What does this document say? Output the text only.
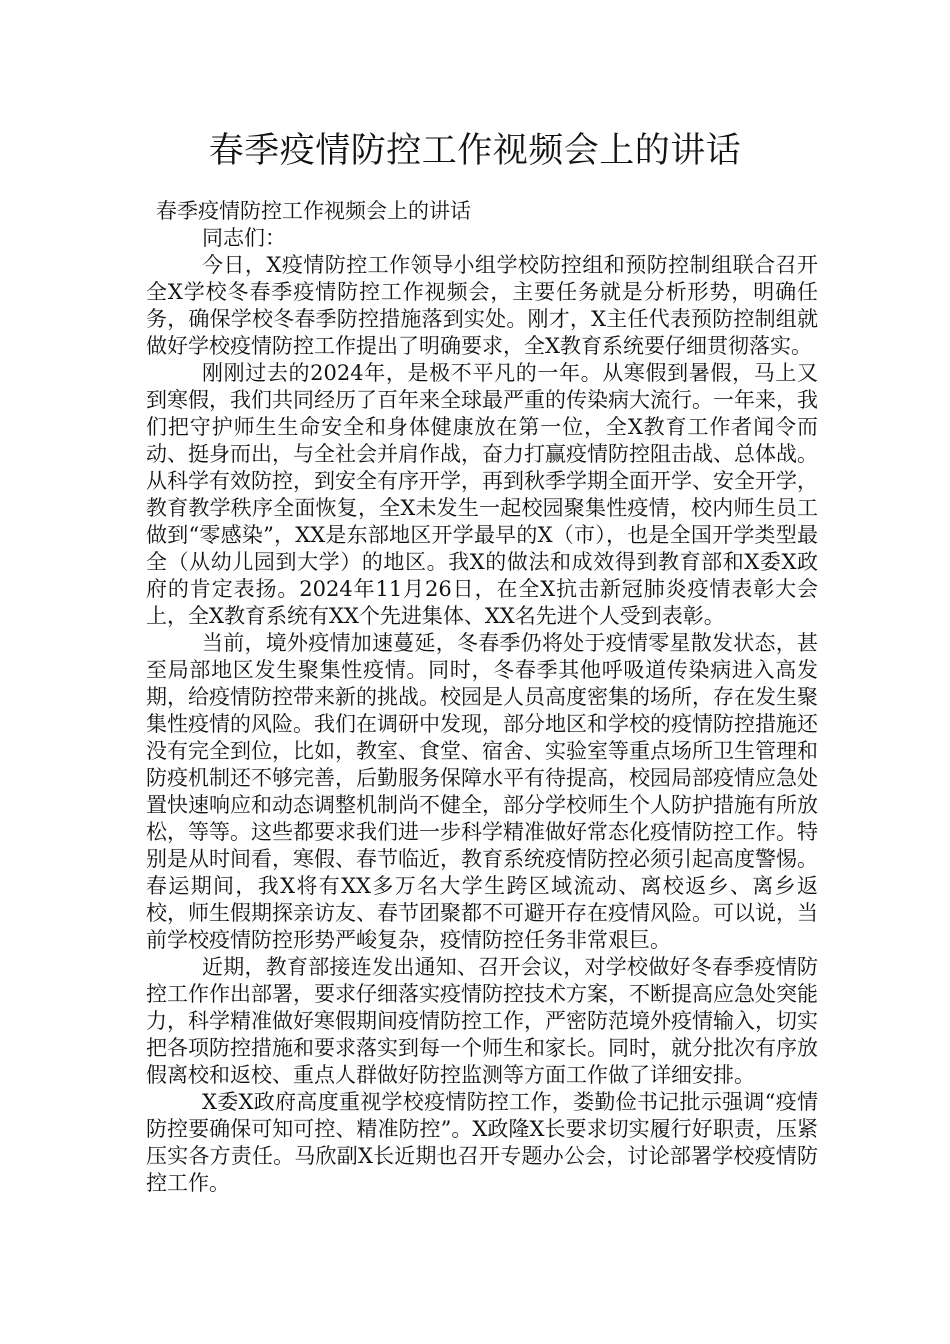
春季疫情防控工作视频会上的讲话

春季疫情防控工作视频会上的讲话

同志们：

今日，X疫情防控工作领导小组学校防控组和预防控制组联合召开全X学校冬春季疫情防控工作视频会，主要任务就是分析形势，明确任务，确保学校冬春季防控措施落到实处。刚才，X主任代表预防控制组就做好学校疫情防控工作提出了明确要求，全X教育系统要仔细贯彻落实。

刚刚过去的2024年，是极不平凡的一年。从寒假到暑假，马上又到寒假，我们共同经历了百年来全球最严重的传染病大流行。一年来，我们把守护师生生命安全和身体健康放在第一位，全X教育工作者闻令而动、挺身而出，与全社会并肩作战，奋力打赢疫情防控阻击战、总体战。从科学有效防控，到安全有序开学，再到秋季学期全面开学、安全开学，教育教学秩序全面恢复，全X未发生一起校园聚集性疫情，校内师生员工做到“零感染”，XX是东部地区开学最早的X（市），也是全国开学类型最全（从幼儿园到大学）的地区。我X的做法和成效得到教育部和X委X政府的肯定表扬。2024年11月26日，在全X抗击新冠肺炎疫情表彰大会上，全X教育系统有XX个先进集体、XX名先进个人受到表彰。

当前，境外疫情加速蔓延，冬春季仍将处于疫情零星散发状态，甚至局部地区发生聚集性疫情。同时，冬春季其他呼吸道传染病进入高发期，给疫情防控带来新的挑战。校园是人员高度密集的场所，存在发生聚集性疫情的风险。我们在调研中发现，部分地区和学校的疫情防控措施还没有完全到位，比如，教室、食堂、宿舍、实验室等重点场所卫生管理和防疫机制还不够完善，后勤服务保障水平有待提高，校园局部疫情应急处置快速响应和动态调整机制尚不健全，部分学校师生个人防护措施有所放松，等等。这些都要求我们进一步科学精准做好常态化疫情防控工作。特别是从时间看，寒假、春节临近，教育系统疫情防控必须引起高度警惕。春运期间，我X将有XX多万名大学生跨区域流动、离校返乡、离乡返校，师生假期探亲访友、春节团聚都不可避开存在疫情风险。可以说，当前学校疫情防控形势严峻复杂，疫情防控任务非常艰巨。

近期，教育部接连发出通知、召开会议，对学校做好冬春季疫情防控工作作出部署，要求仔细落实疫情防控技术方案，不断提高应急处突能力，科学精准做好寒假期间疫情防控工作，严密防范境外疫情输入，切实把各项防控措施和要求落实到每一个师生和家长。同时，就分批次有序放假离校和返校、重点人群做好防控监测等方面工作做了详细安排。

X委X政府高度重视学校疫情防控工作，娄勤俭书记批示强调“疫情防控要确保可知可控、精准防控”。X政隆X长要求切实履行好职责，压紧压实各方责任。马欣副X长近期也召开专题办公会，讨论部署学校疫情防控工作。
